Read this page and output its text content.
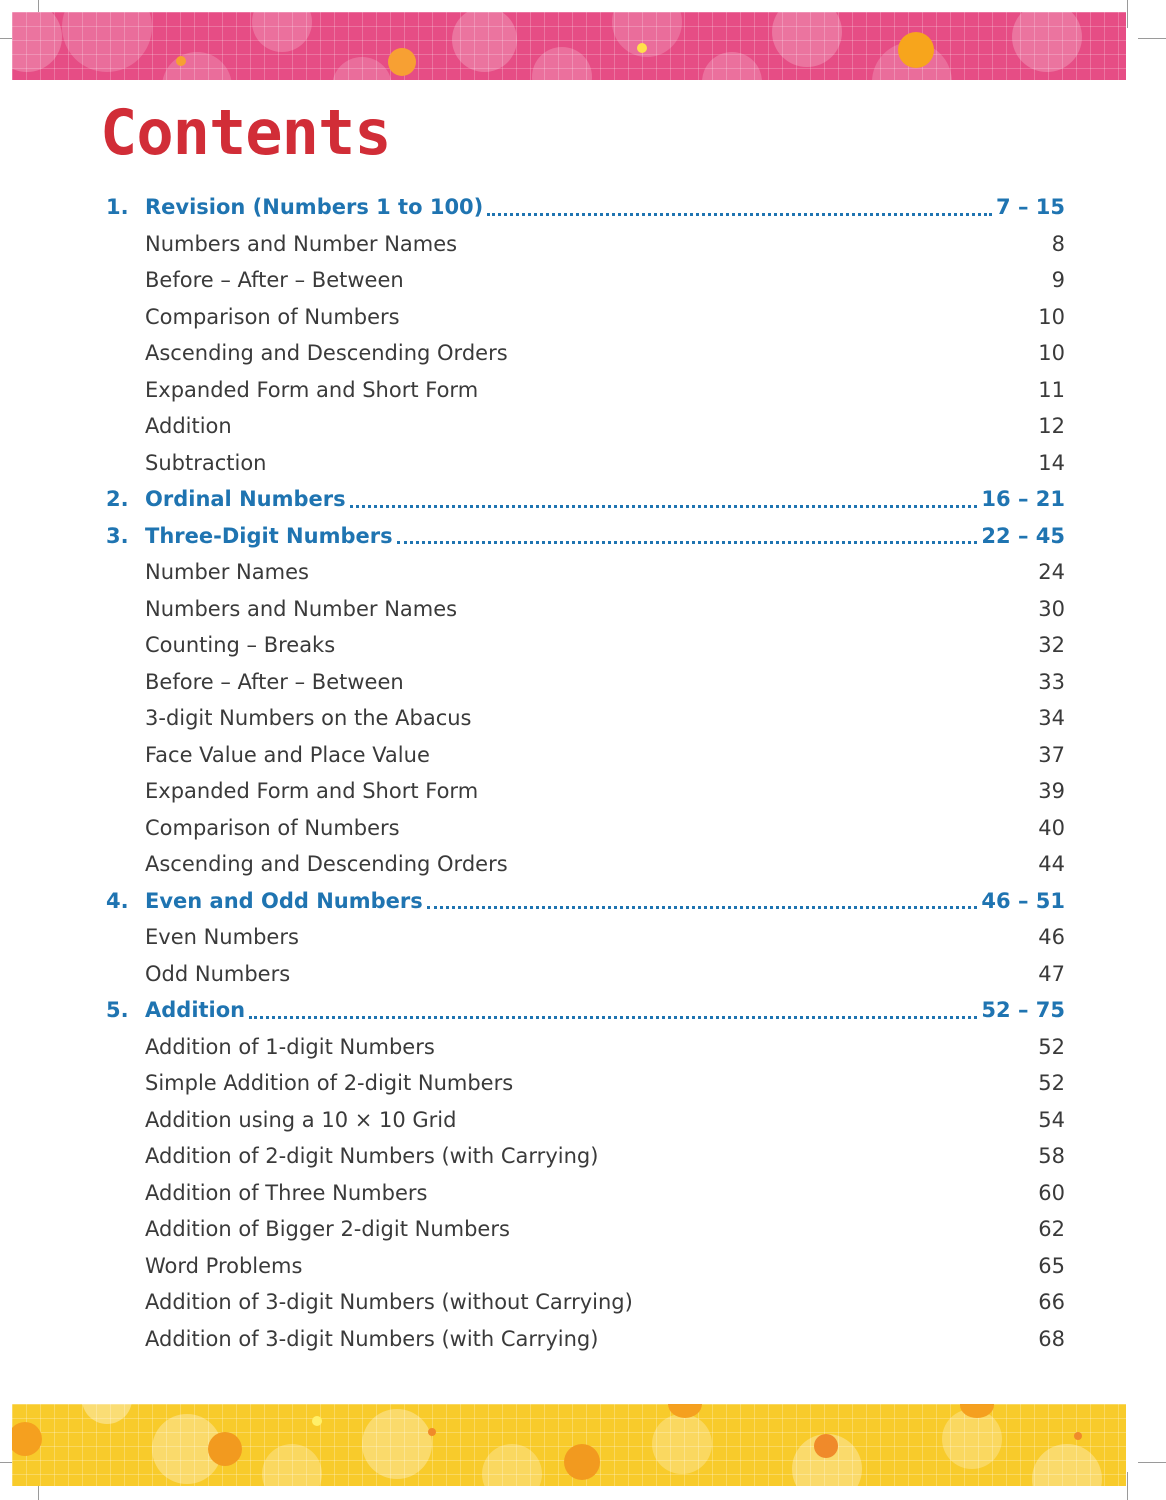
Contents
1. Revision (Numbers 1 to 100)	7 – 15
Numbers and Number Names	8
Before – After – Between	9
Comparison of Numbers	10
Ascending and Descending Orders	10
Expanded Form and Short Form	11
Addition	12
Subtraction	14
2. Ordinal Numbers	16 – 21
3. Three-Digit Numbers	22 – 45
Number Names	24
Numbers and Number Names	30
Counting – Breaks	32
Before – After – Between	33
3-digit Numbers on the Abacus	34
Face Value and Place Value	37
Expanded Form and Short Form	39
Comparison of Numbers	40
Ascending and Descending Orders	44
4. Even and Odd Numbers	46 – 51
Even Numbers	46
Odd Numbers	47
5. Addition	52 – 75
Addition of 1-digit Numbers	52
Simple Addition of 2-digit Numbers	52
Addition using a 10 × 10 Grid	54
Addition of 2-digit Numbers (with Carrying)	58
Addition of Three Numbers	60
Addition of Bigger 2-digit Numbers	62
Word Problems	65
Addition of 3-digit Numbers (without Carrying)	66
Addition of 3-digit Numbers (with Carrying)	68
